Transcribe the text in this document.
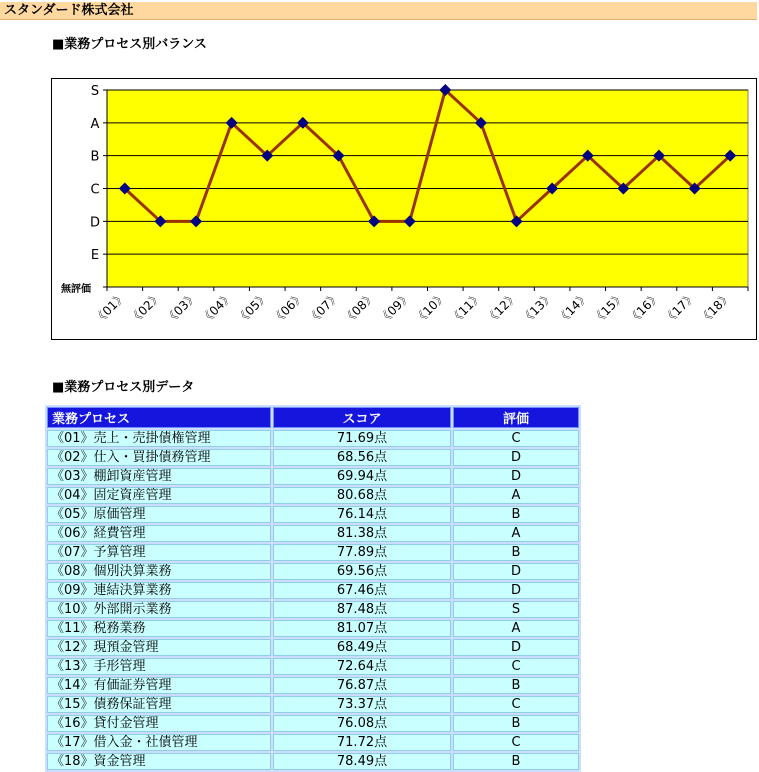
スタンダード株式会社
■業務プロセス別バランス
無評価
E
D
C
B
A
S
《01》
《02》
《03》
《04》
《05》
《06》
《07》
《08》
《09》
《10》
《11》
《12》
《13》
《14》
《15》
《16》
《17》
《18》
■業務プロセス別データ
業務プロセス	スコア	評価
《01》売上・売掛債権管理	71.69点	C
《02》仕入・買掛債務管理	68.56点	D
《03》棚卸資産管理	69.94点	D
《04》固定資産管理	80.68点	A
《05》原価管理	76.14点	B
《06》経費管理	81.38点	A
《07》予算管理	77.89点	B
《08》個別決算業務	69.56点	D
《09》連結決算業務	67.46点	D
《10》外部開示業務	87.48点	S
《11》税務業務	81.07点	A
《12》現預金管理	68.49点	D
《13》手形管理	72.64点	C
《14》有価証券管理	76.87点	B
《15》債務保証管理	73.37点	C
《16》貸付金管理	76.08点	B
《17》借入金・社債管理	71.72点	C
《18》資金管理	78.49点	B
